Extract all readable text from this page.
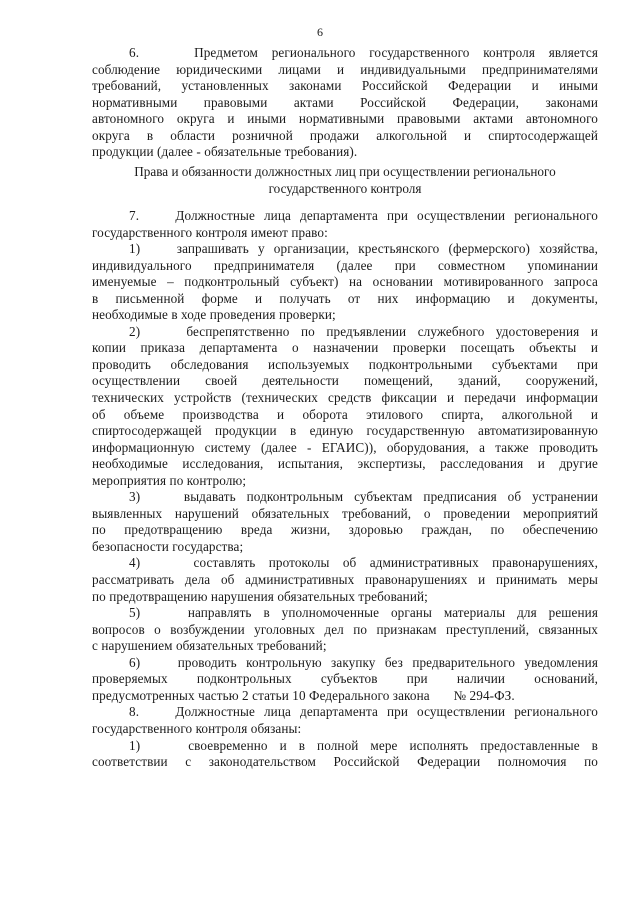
6
6.    Предметом регионального государственного контроля является
соблюдение юридическими лицами и индивидуальными предпринимателями
требований, установленных законами Российской Федерации и иными
нормативными правовыми актами Российской Федерации, законами
автономного округа и иными нормативными правовыми актами автономного
округа в области розничной продажи алкогольной и спиртосодержащей
продукции (далее - обязательные требования).
Права и обязанности должностных лиц при осуществлении регионального
государственного контроля
7.    Должностные лица департамента при осуществлении регионального
государственного контроля имеют право:
1)    запрашивать у организации, крестьянского (фермерского) хозяйства,
индивидуального предпринимателя (далее при совместном упоминании
именуемые – подконтрольный субъект) на основании мотивированного запроса
в письменной форме и получать от них информацию и документы,
необходимые в ходе проведения проверки;
2)    беспрепятственно по предъявлении служебного удостоверения и
копии приказа департамента о назначении проверки посещать объекты и
проводить обследования используемых подконтрольными субъектами при
осуществлении своей деятельности помещений, зданий, сооружений,
технических устройств (технических средств фиксации и передачи информации
об объеме производства и оборота этилового спирта, алкогольной и
спиртосодержащей продукции в единую государственную автоматизированную
информационную систему (далее - ЕГАИС)), оборудования, а также проводить
необходимые исследования, испытания, экспертизы, расследования и другие
мероприятия по контролю;
3)    выдавать подконтрольным субъектам предписания об устранении
выявленных нарушений обязательных требований, о проведении мероприятий
по предотвращению вреда жизни, здоровью граждан, по обеспечению
безопасности государства;
4)    составлять протоколы об административных правонарушениях,
рассматривать дела об административных правонарушениях и принимать меры
по предотвращению нарушения обязательных требований;
5)    направлять в уполномоченные органы материалы для решения
вопросов о возбуждении уголовных дел по признакам преступлений, связанных
с нарушением обязательных требований;
6)    проводить контрольную закупку без предварительного уведомления
проверяемых подконтрольных субъектов при наличии оснований,
предусмотренных частью 2 статьи 10 Федерального закона       № 294-ФЗ.
8.    Должностные лица департамента при осуществлении регионального
государственного контроля обязаны:
1)    своевременно и в полной мере исполнять предоставленные в
соответствии с законодательством Российской Федерации полномочия по
